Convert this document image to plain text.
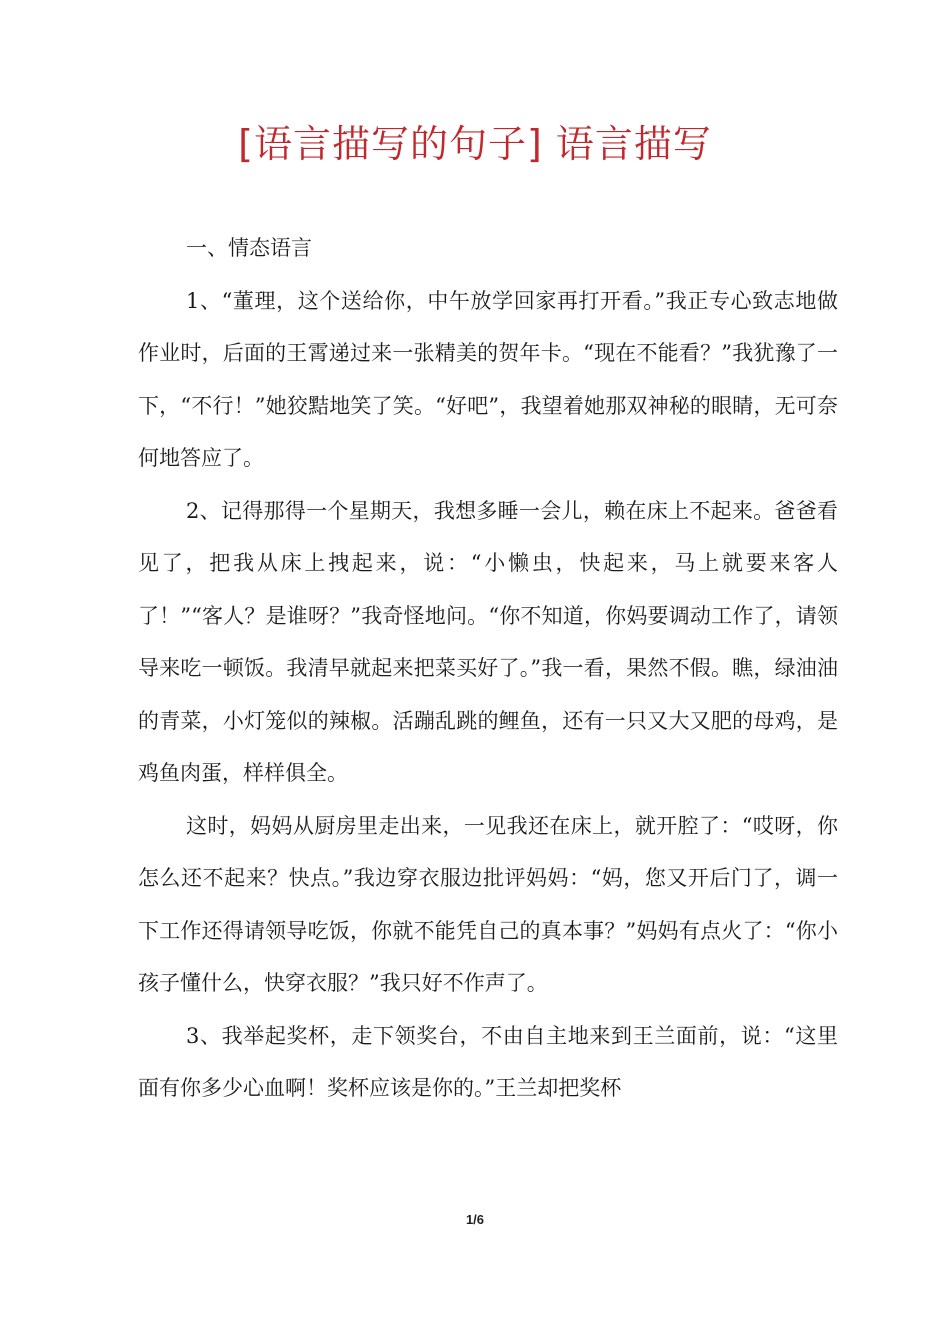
[语言描写的句子] 语言描写

一、情态语言

1、“董理，这个送给你，中午放学回家再打开看。”我正专心致志地做作业时，后面的王霄递过来一张精美的贺年卡。“现在不能看？”我犹豫了一下，“不行！”她狡黠地笑了笑。“好吧”，我望着她那双神秘的眼睛，无可奈何地答应了。

2、记得那得一个星期天，我想多睡一会儿，赖在床上不起来。爸爸看见了，把我从床上拽起来，说：“小懒虫，快起来，马上就要来客人了！”“客人？是谁呀？”我奇怪地问。“你不知道，你妈要调动工作了，请领导来吃一顿饭。我清早就起来把菜买好了。”我一看，果然不假。瞧，绿油油的青菜，小灯笼似的辣椒。活蹦乱跳的鲤鱼，还有一只又大又肥的母鸡，是鸡鱼肉蛋，样样俱全。

这时，妈妈从厨房里走出来，一见我还在床上，就开腔了：“哎呀，你怎么还不起来？快点。”我边穿衣服边批评妈妈：“妈，您又开后门了，调一下工作还得请领导吃饭，你就不能凭自己的真本事？”妈妈有点火了：“你小孩子懂什么，快穿衣服？”我只好不作声了。

3、我举起奖杯，走下领奖台，不由自主地来到王兰面前，说：“这里面有你多少心血啊！奖杯应该是你的。”王兰却把奖杯

1/6
